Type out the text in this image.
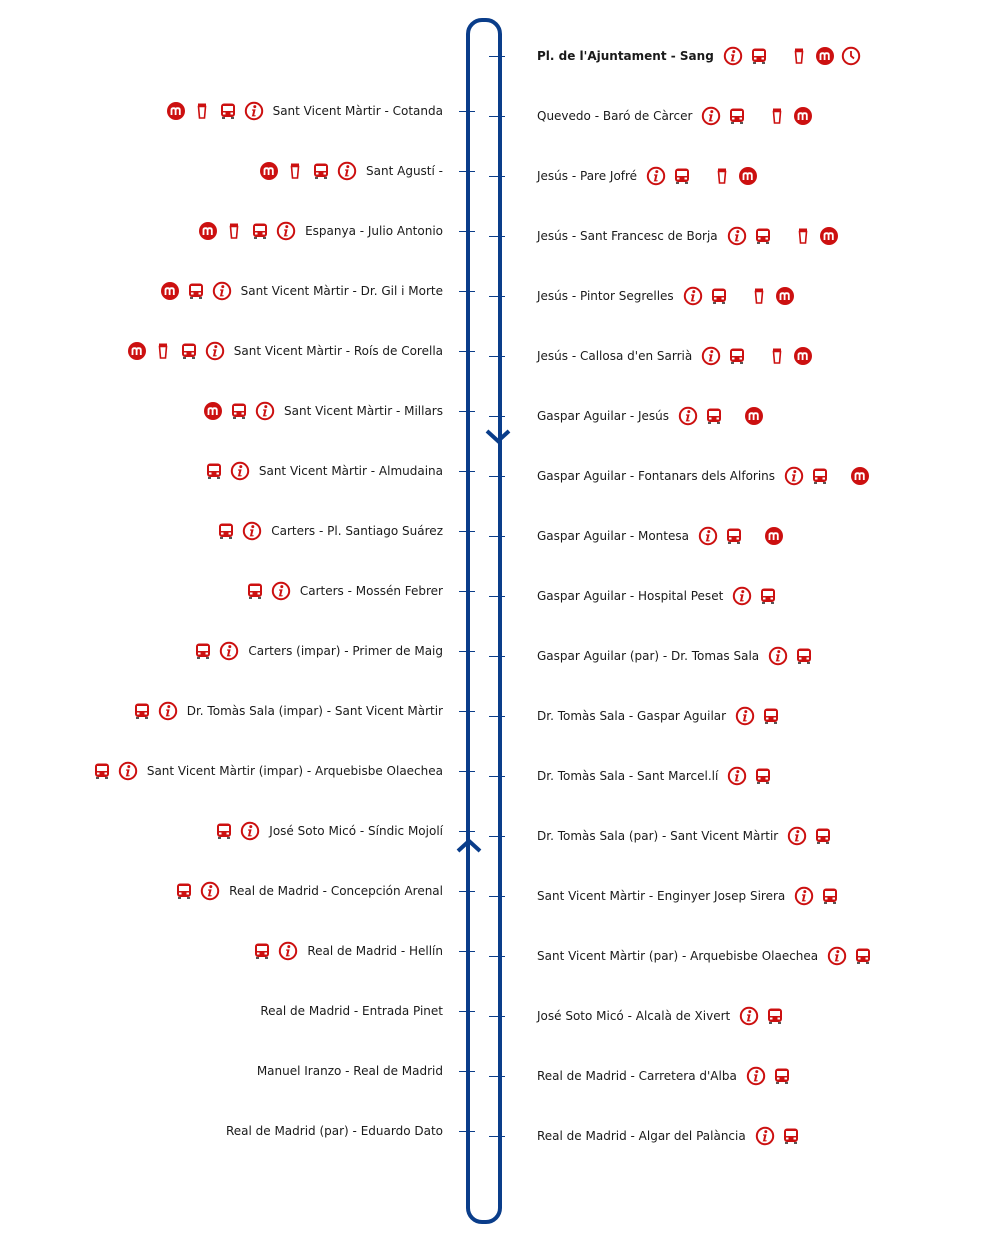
Pl. de l'Ajuntament - Sang
Quevedo - Baró de Càrcer
Jesús - Pare Jofré
Jesús - Sant Francesc de Borja
Jesús - Pintor Segrelles
Jesús - Callosa d'en Sarrià
Gaspar Aguilar - Jesús
Gaspar Aguilar - Fontanars dels Alforins
Gaspar Aguilar - Montesa
Gaspar Aguilar - Hospital Peset
Gaspar Aguilar (par) - Dr. Tomas Sala
Dr. Tomàs Sala - Gaspar Aguilar
Dr. Tomàs Sala - Sant Marcel.lí
Dr. Tomàs Sala (par) - Sant Vicent Màrtir
Sant Vicent Màrtir - Enginyer Josep Sirera
Sant Vicent Màrtir (par) - Arquebisbe Olaechea
José Soto Micó - Alcalà de Xivert
Real de Madrid - Carretera d'Alba
Real de Madrid - Algar del Palància
Sant Vicent Màrtir - Cotanda
Sant Agustí -
Espanya - Julio Antonio
Sant Vicent Màrtir - Dr. Gil i Morte
Sant Vicent Màrtir - Roís de Corella
Sant Vicent Màrtir - Millars
Sant Vicent Màrtir - Almudaina
Carters - Pl. Santiago Suárez
Carters - Mossén Febrer
Carters (impar) - Primer de Maig
Dr. Tomàs Sala (impar) - Sant Vicent Màrtir
Sant Vicent Màrtir (impar) - Arquebisbe Olaechea
José Soto Micó - Síndic Mojolí
Real de Madrid - Concepción Arenal
Real de Madrid - Hellín
Real de Madrid - Entrada Pinet
Manuel Iranzo - Real de Madrid
Real de Madrid (par) - Eduardo Dato
